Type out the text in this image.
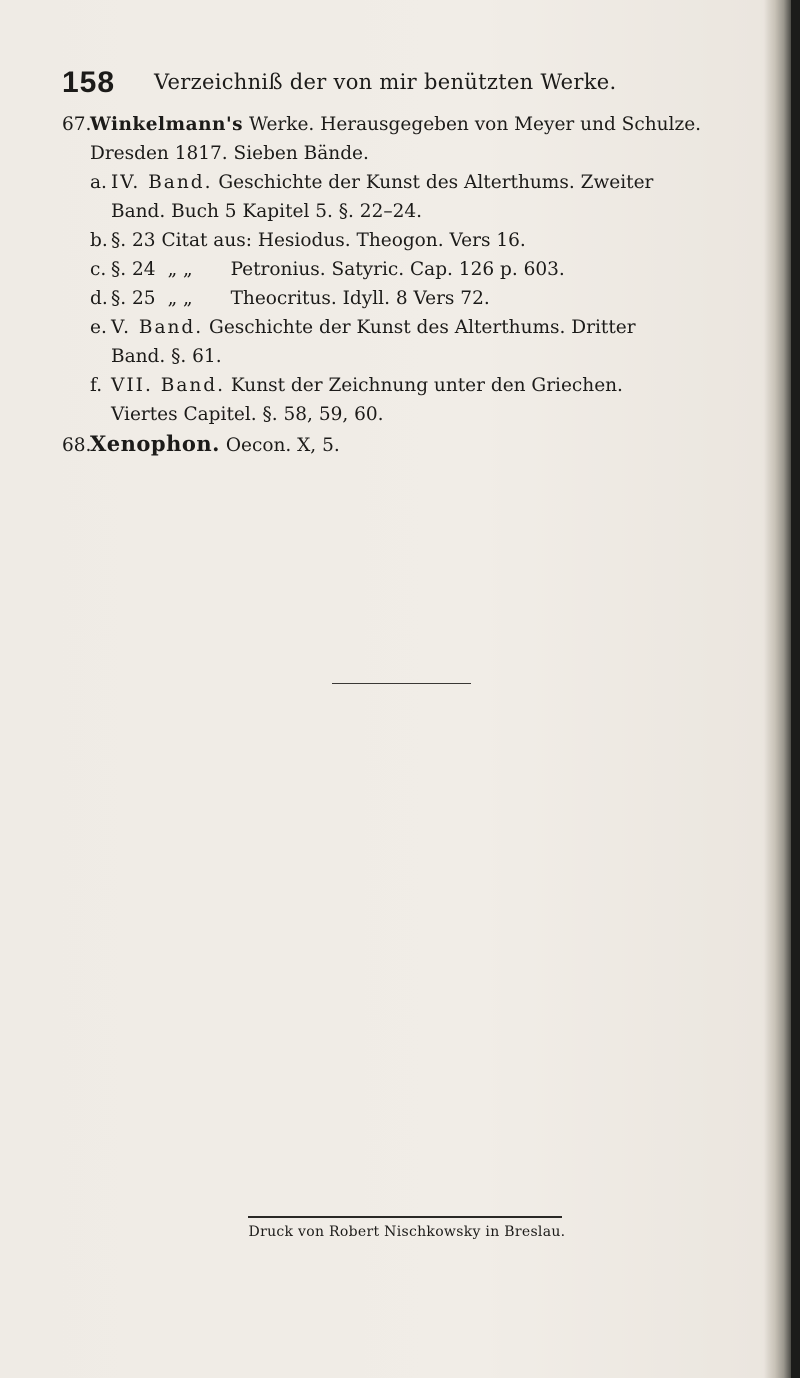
158 Verzeichniß der von mir benützten Werke.
67.Winkelmann's Werke. Herausgegeben von Meyer und Schulze.
Dresden 1817. Sieben Bände.
a. IV. Band. Geschichte der Kunst des Alterthums. Zweiter
Band. Buch 5 Kapitel 5. §. 22–24.
b. §. 23 Citat aus: Hesiodus. Theogon. Vers 16.
c. §. 24 „ „ Petronius. Satyric. Cap. 126 p. 603.
d. §. 25 „ „ Theocritus. Idyll. 8 Vers 72.
e. V. Band. Geschichte der Kunst des Alterthums. Dritter
Band. §. 61.
f. VII. Band. Kunst der Zeichnung unter den Griechen.
Viertes Capitel. §. 58, 59, 60.
68.Xenophon. Oecon. X, 5.
Druck von Robert Nischkowsky in Breslau.
